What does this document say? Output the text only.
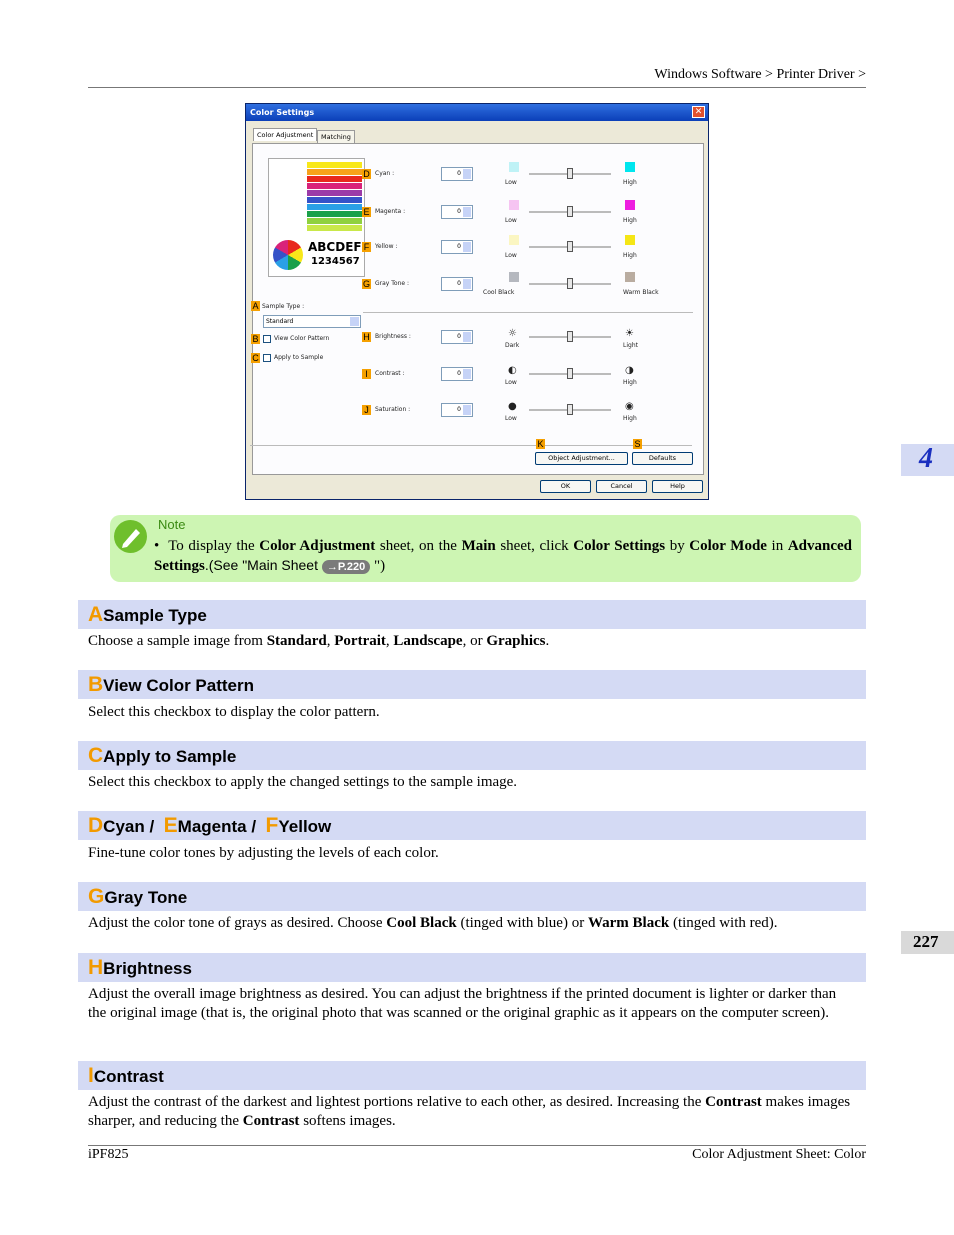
Windows Software > Printer Driver >
4
227
iPF825	Color Adjustment Sheet: Color
Color Settings	✕
Color Adjustment	Matching
ABCDEF
1234567
A Sample Type :
Standard
B	View Color Pattern
C	Apply to Sample
D Cyan :	0
Low	High
E Magenta :	0
Low	High
F Yellow :	0
Low	High
G Gray Tone :	0
Cool Black	Warm Black
H Brightness :	0	☼	☀
Dark	Light
I	Contrast :	0	◐	◑
Low	High
J	Saturation :	0	●	◉
Low	High
K	S
Object Adjustment...	Defaults
OK	Cancel	Help
Note
•  To display the Color Adjustment sheet, on the Main sheet, click Color Settings by Color Mode in Advanced Settings.(See "Main Sheet →P.220 ")
ASample Type
Choose a sample image from Standard, Portrait, Landscape, or Graphics.
BView Color Pattern
Select this checkbox to display the color pattern.
CApply to Sample
Select this checkbox to apply the changed settings to the sample image.
DCyan / EMagenta / FYellow
Fine-tune color tones by adjusting the levels of each color.
GGray Tone
Adjust the color tone of grays as desired. Choose Cool Black (tinged with blue) or Warm Black (tinged with red).
HBrightness
Adjust the overall image brightness as desired. You can adjust the brightness if the printed document is lighter or darker than the original image (that is, the original photo that was scanned or the original graphic as it appears on the computer screen).
IContrast
Adjust the contrast of the darkest and lightest portions relative to each other, as desired. Increasing the Contrast makes images sharper, and reducing the Contrast softens images.
